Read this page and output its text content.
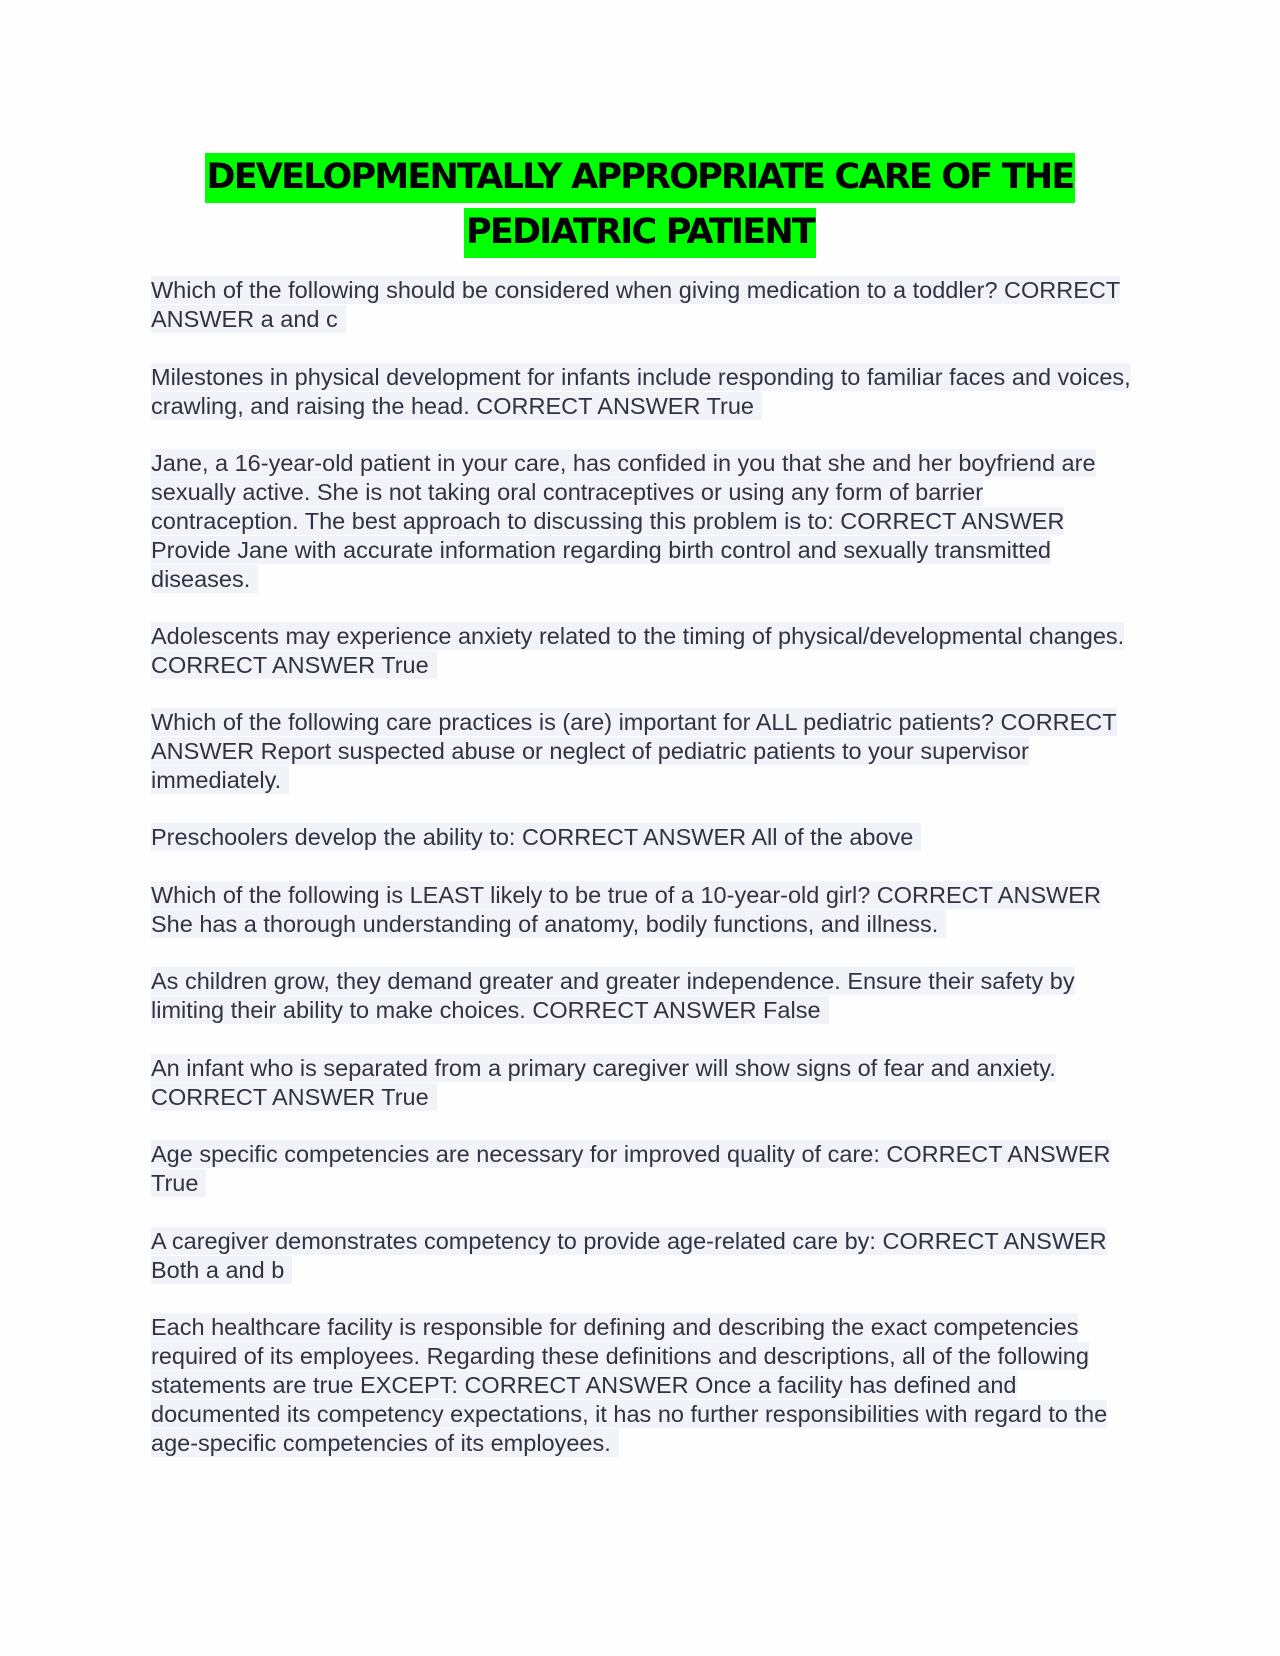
DEVELOPMENTALLY APPROPRIATE CARE OF THE
PEDIATRIC PATIENT

Which of the following should be considered when giving medication to a toddler? CORRECT ANSWER a and c

Milestones in physical development for infants include responding to familiar faces and voices, crawling, and raising the head. CORRECT ANSWER True

Jane, a 16-year-old patient in your care, has confided in you that she and her boyfriend are sexually active. She is not taking oral contraceptives or using any form of barrier contraception. The best approach to discussing this problem is to: CORRECT ANSWER Provide Jane with accurate information regarding birth control and sexually transmitted diseases.

Adolescents may experience anxiety related to the timing of physical/developmental changes. CORRECT ANSWER True

Which of the following care practices is (are) important for ALL pediatric patients? CORRECT ANSWER Report suspected abuse or neglect of pediatric patients to your supervisor immediately.

Preschoolers develop the ability to: CORRECT ANSWER All of the above

Which of the following is LEAST likely to be true of a 10-year-old girl? CORRECT ANSWER She has a thorough understanding of anatomy, bodily functions, and illness.

As children grow, they demand greater and greater independence. Ensure their safety by limiting their ability to make choices. CORRECT ANSWER False

An infant who is separated from a primary caregiver will show signs of fear and anxiety. CORRECT ANSWER True

Age specific competencies are necessary for improved quality of care: CORRECT ANSWER True

A caregiver demonstrates competency to provide age-related care by: CORRECT ANSWER Both a and b

Each healthcare facility is responsible for defining and describing the exact competencies required of its employees. Regarding these definitions and descriptions, all of the following statements are true EXCEPT: CORRECT ANSWER Once a facility has defined and documented its competency expectations, it has no further responsibilities with regard to the age-specific competencies of its employees.
